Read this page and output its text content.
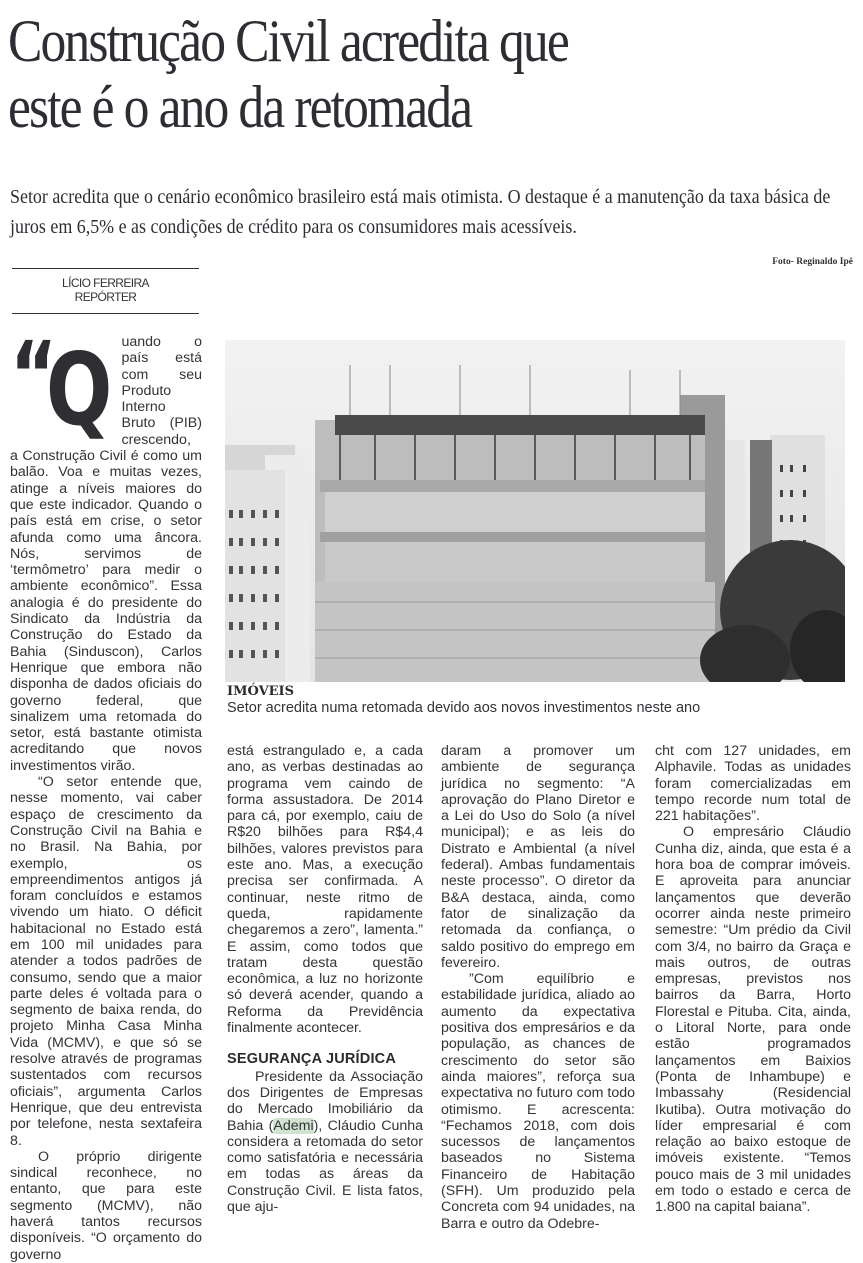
Construção Civil acredita que
este é o ano da retomada

Setor acredita que o cenário econômico brasileiro está mais otimista. O destaque é a manutenção da taxa básica de juros em 6,5% e as condições de crédito para os consumidores mais acessíveis.

Foto- Reginaldo Ipê
LÍCIO FERREIRA
REPÓRTER
“ Q uando o país está com seu Produto Interno Bruto (PIB) crescendo, a Construção Civil é como um balão. Voa e muitas vezes, atinge a níveis maiores do que este indicador. Quando o país está em crise, o setor afunda como uma âncora. Nós, servimos de ‘termômetro’ para medir o ambiente econômico”. Essa analogia é do presidente do Sindicato da Indústria da Construção do Estado da Bahia (Sinduscon), Carlos Henrique que embora não disponha de dados oficiais do governo federal, que sinalizem uma retomada do setor, está bastante otimista acreditando que novos investimentos virão.

“O setor entende que, nesse momento, vai caber espaço de crescimento da Construção Civil na Bahia e no Brasil. Na Bahia, por exemplo, os empreendimentos antigos já foram concluídos e estamos vivendo um hiato. O déficit habitacional no Estado está em 100 mil unidades para atender a todos padrões de consumo, sendo que a maior parte deles é voltada para o segmento de baixa renda, do projeto Minha Casa Minha Vida (MCMV), e que só se resolve através de programas sustentados com recursos oficiais”, argumenta Carlos Henrique, que deu entrevista por telefone, nesta sextafeira 8.

O próprio dirigente sindical reconhece, no entanto, que para este segmento (MCMV), não haverá tantos recursos disponíveis. “O orçamento do governo

IMÓVEIS
Setor acredita numa retomada devido aos novos investimentos neste ano

está estrangulado e, a cada ano, as verbas destinadas ao programa vem caindo de forma assustadora. De 2014 para cá, por exemplo, caiu de R$20 bilhões para R$4,4 bilhões, valores previstos para este ano. Mas, a execução precisa ser confirmada. A continuar, neste ritmo de queda, rapidamente chegaremos a zero”, lamenta.” E assim, como todos que tratam desta questão econômica, a luz no horizonte só deverá acender, quando a Reforma da Previdência finalmente acontecer.

SEGURANÇA JURÍDICA

Presidente da Associação dos Dirigentes de Empresas do Mercado Imobiliário da Bahia (Ademi), Cláudio Cunha considera a retomada do setor como satisfatória e necessária em todas as áreas da Construção Civil. E lista fatos, que aju-

daram a promover um ambiente de segurança jurídica no segmento: “A aprovação do Plano Diretor e a Lei do Uso do Solo (a nível municipal); e as leis do Distrato e Ambiental (a nível federal). Ambas fundamentais neste processo”. O diretor da B&A destaca, ainda, como fator de sinalização da retomada da confiança, o saldo positivo do emprego em fevereiro.

”Com equilíbrio e estabilidade jurídica, aliado ao aumento da expectativa positiva dos empresários e da população, as chances de crescimento do setor são ainda maiores”, reforça sua expectativa no futuro com todo otimismo. E acrescenta: “Fechamos 2018, com dois sucessos de lançamentos baseados no Sistema Financeiro de Habitação (SFH). Um produzido pela Concreta com 94 unidades, na Barra e outro da Odebre-

cht com 127 unidades, em Alphavile. Todas as unidades foram comercializadas em tempo recorde num total de 221 habitações”.

O empresário Cláudio Cunha diz, ainda, que esta é a hora boa de comprar imóveis. E aproveita para anunciar lançamentos que deverão ocorrer ainda neste primeiro semestre: “Um prédio da Civil com 3/4, no bairro da Graça e mais outros, de outras empresas, previstos nos bairros da Barra, Horto Florestal e Pituba. Cita, ainda, o Litoral Norte, para onde estão programados lançamentos em Baixios (Ponta de Inhambupe) e Imbassahy (Residencial Ikutiba). Outra motivação do líder empresarial é com relação ao baixo estoque de imóveis existente. “Temos pouco mais de 3 mil unidades em todo o estado e cerca de 1.800 na capital baiana”.
